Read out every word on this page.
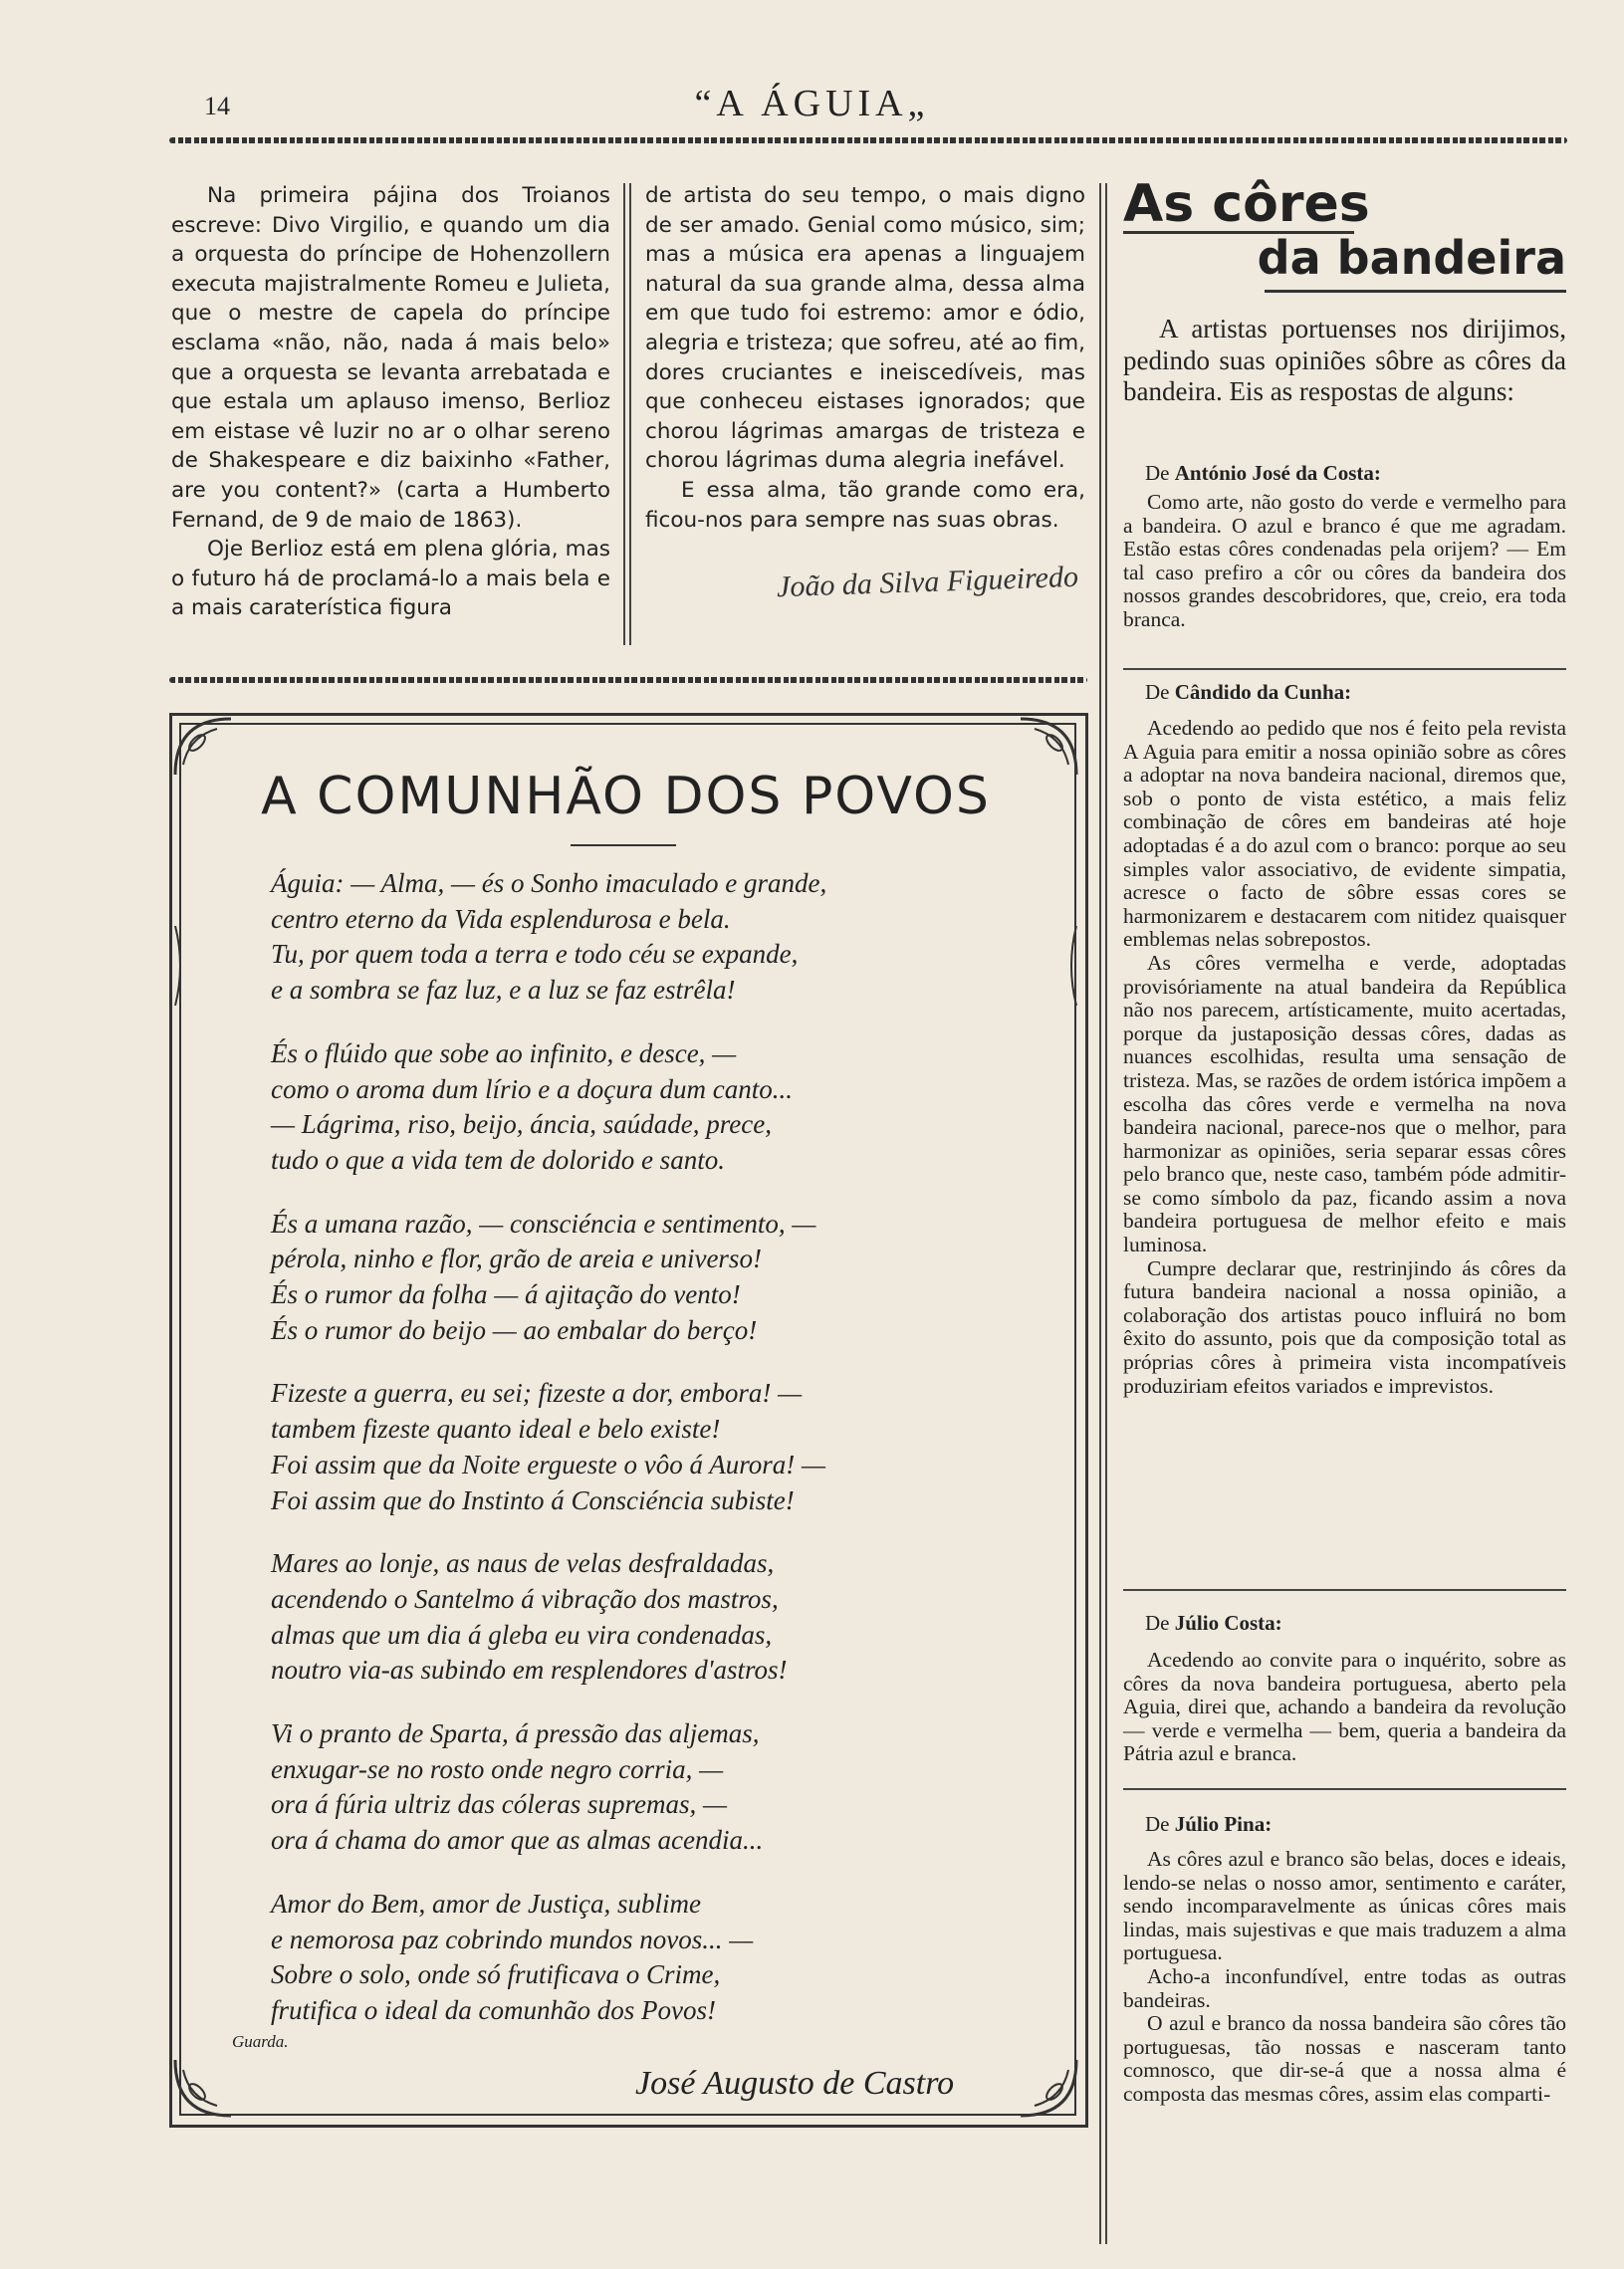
14	“A ÁGUIA„

Na primeira pájina dos Troianos escreve: Divo Virgilio, e quando um dia a orquesta do príncipe de Hohenzollern executa majistralmente Romeu e Julieta, que o mestre de capela do príncipe esclama «não, não, nada á mais belo» que a orquesta se levanta arrebatada e que estala um aplauso imenso, Berlioz em eistase vê luzir no ar o olhar sereno de Shakespeare e diz baixinho «Father, are you content?» (carta a Humberto Fernand, de 9 de maio de 1863).

Oje Berlioz está em plena glória, mas o futuro há de proclamá-lo a mais bela e a mais caraterística figura

de artista do seu tempo, o mais digno de ser amado. Genial como músico, sim; mas a música era apenas a linguajem natural da sua grande alma, dessa alma em que tudo foi estremo: amor e ódio, alegria e tristeza; que sofreu, até ao fim, dores cruciantes e ineiscedíveis, mas que conheceu eistases ignorados; que chorou lágrimas amargas de tristeza e chorou lágrimas duma alegria inefável.

E essa alma, tão grande como era, ficou-nos para sempre nas suas obras.

João da Silva Figueiredo
A COMUNHÃO DOS POVOS
Águia: — Alma, — és o Sonho imaculado e grande,
centro eterno da Vida esplendurosa e bela.
Tu, por quem toda a terra e todo céu se expande,
e a sombra se faz luz, e a luz se faz estrêla!
És o flúido que sobe ao infinito, e desce, —
como o aroma dum lírio e a doçura dum canto...
— Lágrima, riso, beijo, áncia, saúdade, prece,
tudo o que a vida tem de dolorido e santo.
És a umana razão, — consciéncia e sentimento, —
pérola, ninho e flor, grão de areia e universo!
És o rumor da folha — á ajitação do vento!
És o rumor do beijo — ao embalar do berço!
Fizeste a guerra, eu sei; fizeste a dor, embora! —
tambem fizeste quanto ideal e belo existe!
Foi assim que da Noite ergueste o vôo á Aurora! —
Foi assim que do Instinto á Consciéncia subiste!
Mares ao lonje, as naus de velas desfraldadas,
acendendo o Santelmo á vibração dos mastros,
almas que um dia á gleba eu vira condenadas,
noutro via-as subindo em resplendores d'astros!
Vi o pranto de Sparta, á pressão das aljemas,
enxugar-se no rosto onde negro corria, —
ora á fúria ultriz das cóleras supremas, —
ora á chama do amor que as almas acendia...
Amor do Bem, amor de Justiça, sublime
e nemorosa paz cobrindo mundos novos... —
Sobre o solo, onde só frutificava o Crime,
frutifica o ideal da comunhão dos Povos!
Guarda.
José Augusto de Castro
As côres
da bandeira

A artistas portuenses nos dirijimos, pedindo suas opiniões sôbre as côres da bandeira. Eis as respostas de alguns:

De António José da Costa:

Como arte, não gosto do verde e vermelho para a bandeira. O azul e branco é que me agradam. Estão estas côres condenadas pela orijem? — Em tal caso prefiro a côr ou côres da bandeira dos nossos grandes descobridores, que, creio, era toda branca.

De Cândido da Cunha:

Acedendo ao pedido que nos é feito pela revista A Aguia para emitir a nossa opinião sobre as côres a adoptar na nova bandeira nacional, diremos que, sob o ponto de vista estético, a mais feliz combinação de côres em bandeiras até hoje adoptadas é a do azul com o branco: porque ao seu simples valor associativo, de evidente simpatia, acresce o facto de sôbre essas cores se harmonizarem e destacarem com nitidez quaisquer emblemas nelas sobrepostos.

As côres vermelha e verde, adoptadas provisóriamente na atual bandeira da República não nos parecem, artísticamente, muito acertadas, porque da justaposição dessas côres, dadas as nuances escolhidas, resulta uma sensação de tristeza. Mas, se razões de ordem istórica impõem a escolha das côres verde e vermelha na nova bandeira nacional, parece-nos que o melhor, para harmonizar as opiniões, seria separar essas côres pelo branco que, neste caso, também póde admitir-se como símbolo da paz, ficando assim a nova bandeira portuguesa de melhor efeito e mais luminosa.

Cumpre declarar que, restrinjindo ás côres da futura bandeira nacional a nossa opinião, a colaboração dos artistas pouco influirá no bom êxito do assunto, pois que da composição total as próprias côres à primeira vista incompatíveis produziriam efeitos variados e imprevistos.

De Júlio Costa:

Acedendo ao convite para o inquérito, sobre as côres da nova bandeira portuguesa, aberto pela Aguia, direi que, achando a bandeira da revolução — verde e vermelha — bem, queria a bandeira da Pátria azul e branca.

De Júlio Pina:

As côres azul e branco são belas, doces e ideais, lendo-se nelas o nosso amor, sentimento e caráter, sendo incomparavelmente as únicas côres mais lindas, mais sujestivas e que mais traduzem a alma portuguesa.

Acho-a inconfundível, entre todas as outras bandeiras.

O azul e branco da nossa bandeira são côres tão portuguesas, tão nossas e nasceram tanto comnosco, que dir-se-á que a nossa alma é composta das mesmas côres, assim elas comparti-
